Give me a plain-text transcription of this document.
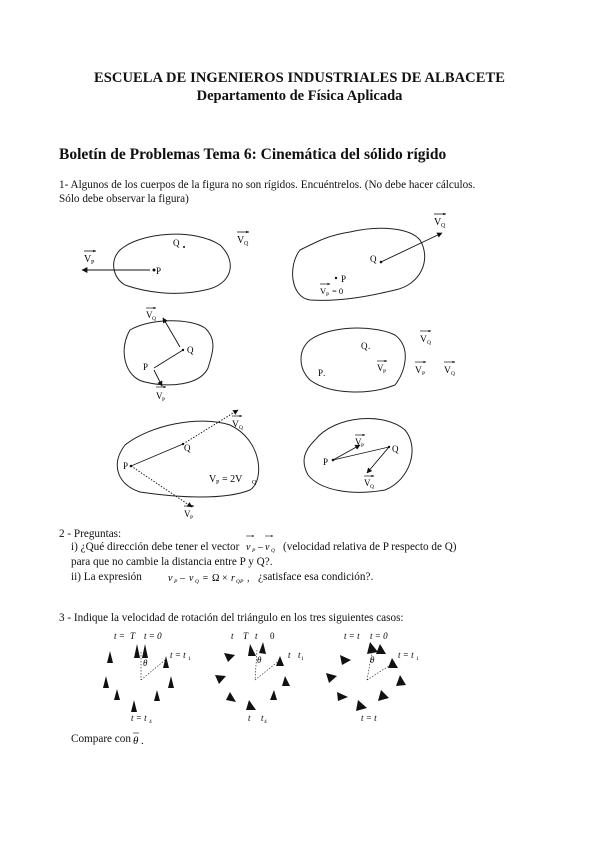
ESCUELA DE INGENIEROS INDUSTRIALES DE ALBACETE
Departamento de Física Aplicada
Boletín de Problemas Tema 6: Cinemática del sólido rígido
1- Algunos de los cuerpos de la figura no son rígidos. Encuéntrelos. (No debe hacer cálculos.
Sólo debe observar la figura)
P
Q
V P
V Q
Q
P
V Q
V P = 0
Q
P
V Q
V P
Q .
P .	V P
V Q
V P V Q
P
Q
V Q
V P
V P = 2V Q
P
Q
V P
V Q
2 - Preguntas:
i) ¿Qué dirección debe tener el vector	(velocidad relativa de P respecto de Q)
para que no cambie la distancia entre P y Q?.
ii) La expresión	¿satisface esa condición?.
v P – v Q
v P – v Q = Ω × r QP ,
3 - Indique la velocidad de rotación del triángulo en los tres siguientes casos:
Compare con θ .
t = T t = 0
t = t 1
t = t 4
θ
t T t 0
t t 1
t t 4
θ
t = t t = 0
t = t 1
t = t
θ
